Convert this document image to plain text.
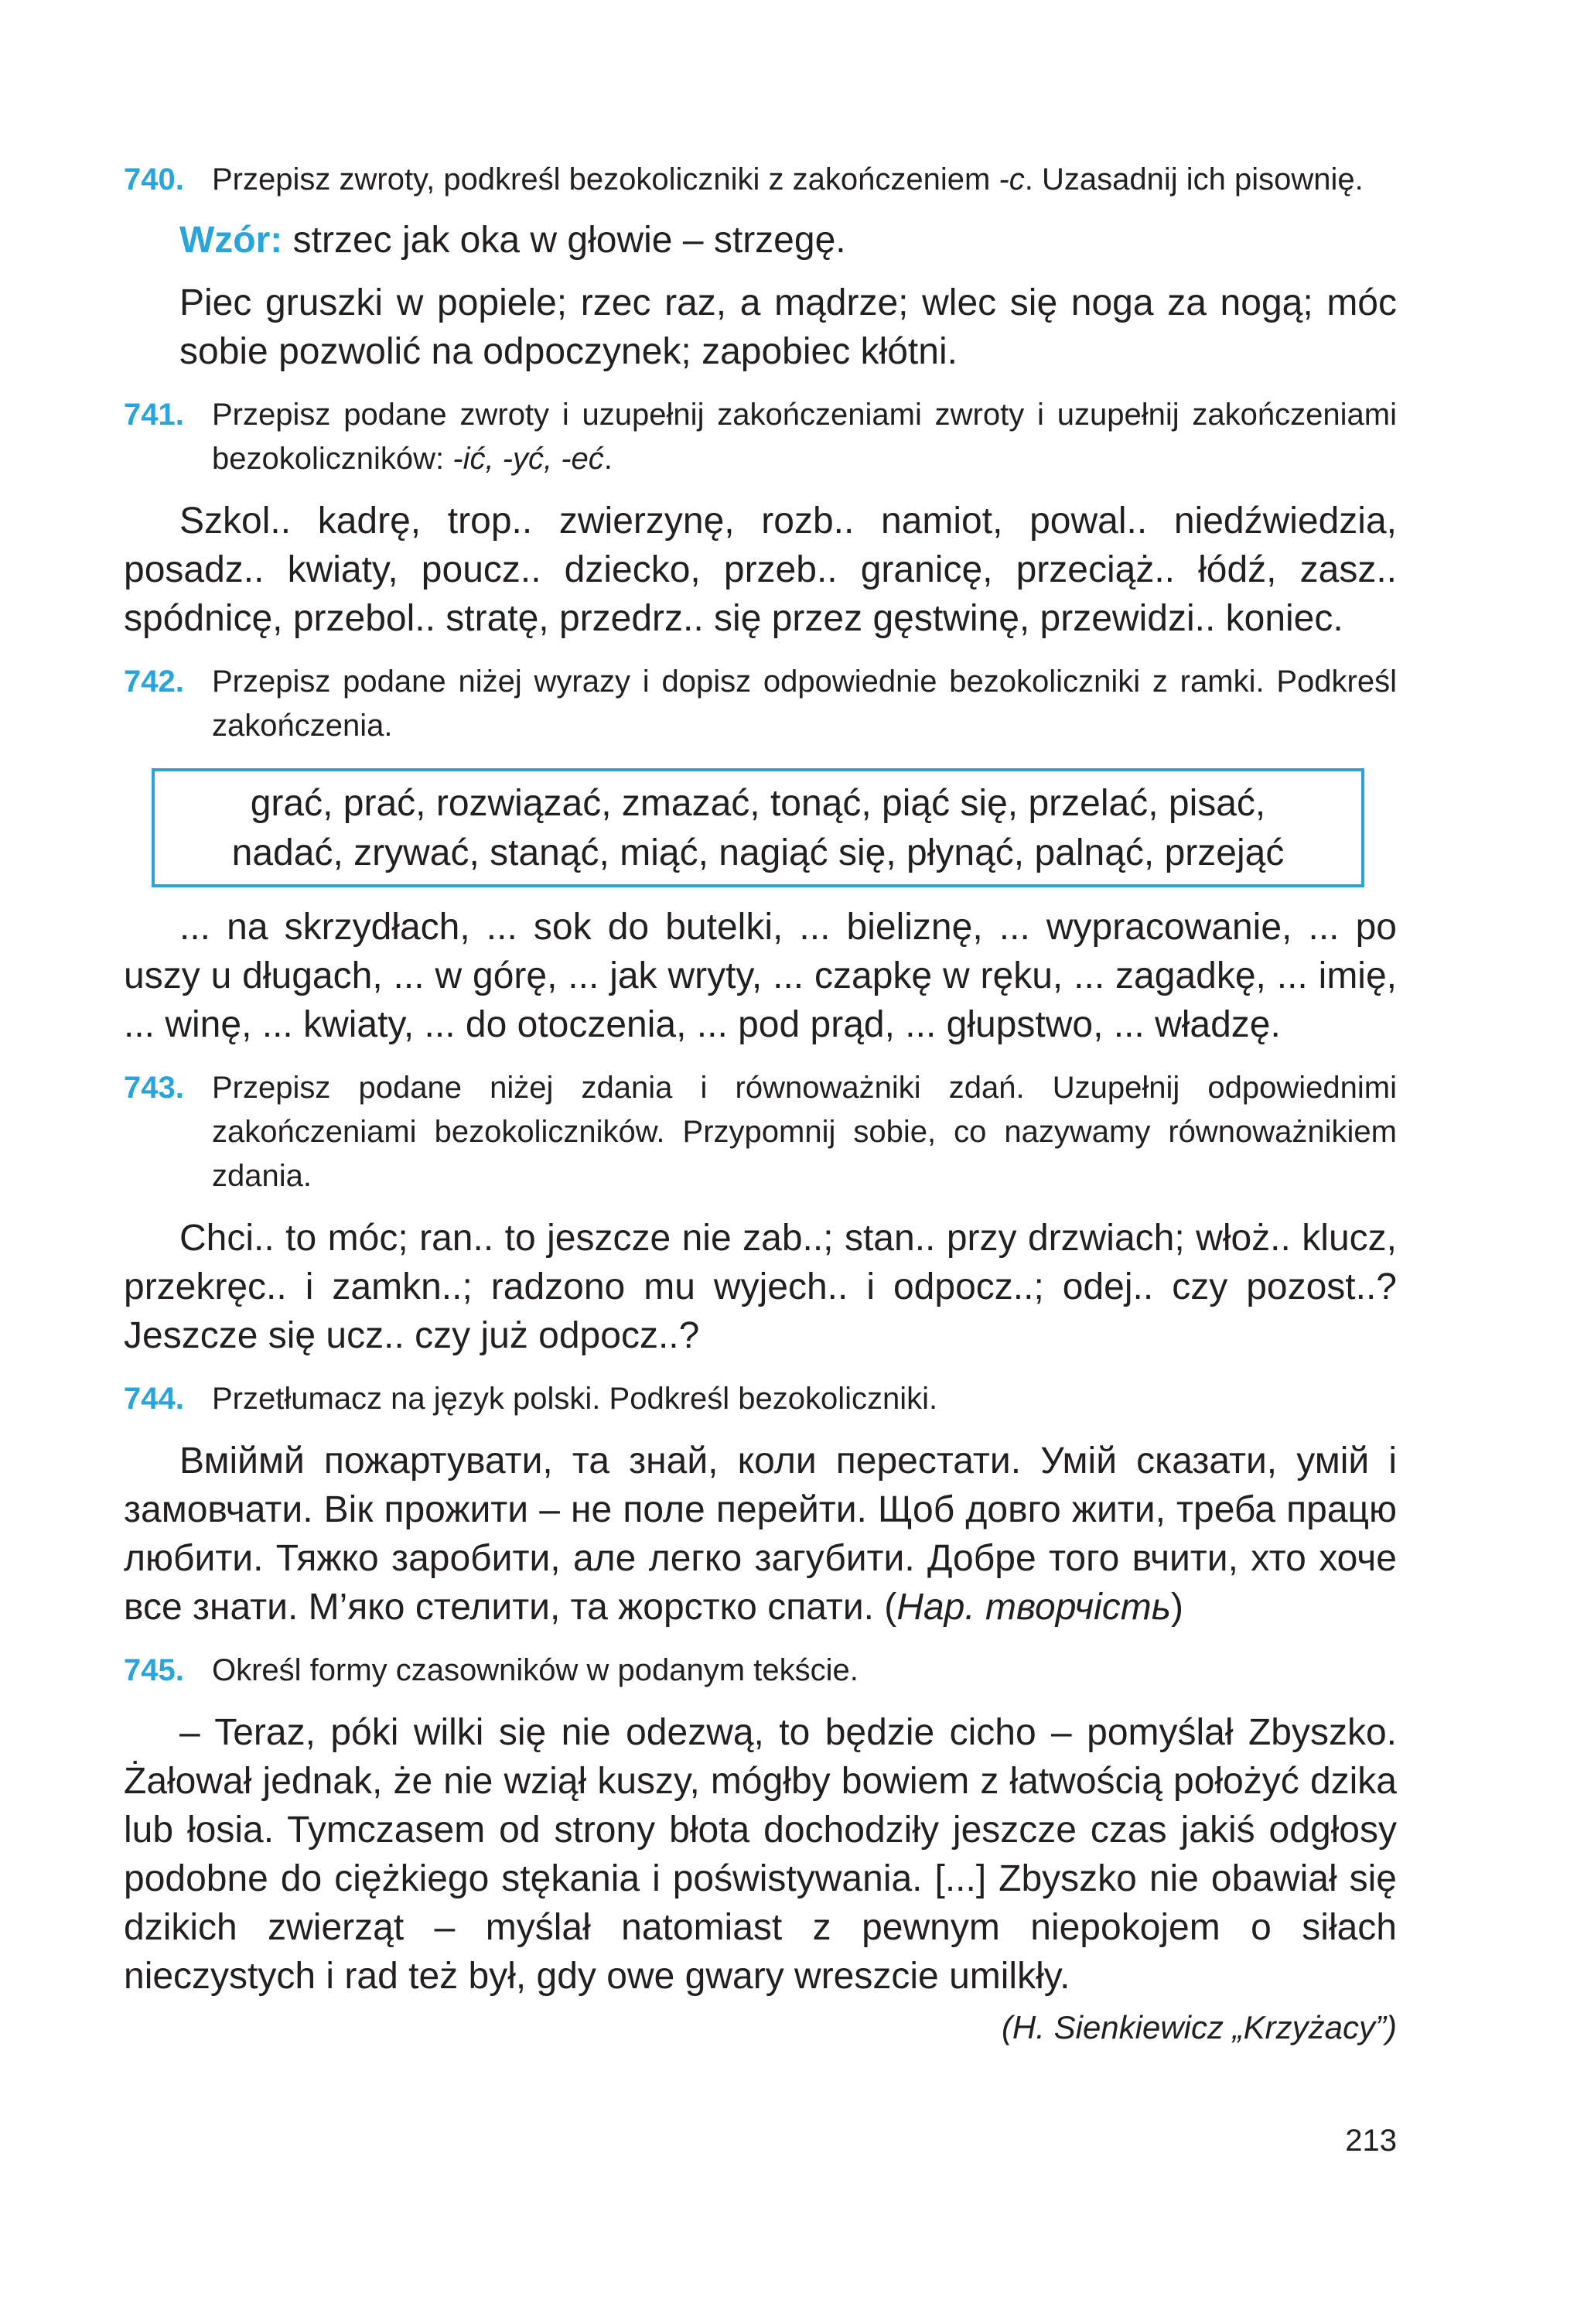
740. Przepisz zwroty, podkreśl bezokoliczniki z zakończeniem -c. Uzasadnij ich pisownię.
Wzór: strzec jak oka w głowie – strzegę.
Piec gruszki w popiele; rzec raz, a mądrze; wlec się noga za nogą; móc sobie pozwolić na odpoczynek; zapobiec kłótni.
741. Przepisz podane zwroty i uzupełnij zakończeniami zwroty i uzupełnij zakończeniami bezokoliczników: -ić, -yć, -eć.
Szkol.. kadrę, trop.. zwierzynę, rozb.. namiot, powal.. niedźwiedzia, posadz.. kwiaty, poucz.. dziecko, przeb.. granicę, przeciąż.. łódź, zasz.. spódnicę, przebol.. stratę, przedrz.. się przez gęstwinę, przewidzi.. koniec.
742. Przepisz podane niżej wyrazy i dopisz odpowiednie bezokoliczniki z ramki. Podkreśl zakończenia.
grać, prać, rozwiązać, zmazać, tonąć, piąć się, przelać, pisać,
nadać, zrywać, stanąć, miąć, nagiąć się, płynąć, palnąć, przejąć
... na skrzydłach, ... sok do butelki, ... bieliznę, ... wypracowanie, ... po uszy u długach, ... w górę, ... jak wryty, ... czapkę w ręku, ... zagadkę, ... imię, ... winę, ... kwiaty, ... do otoczenia, ... pod prąd, ... głupstwo, ... władzę.
743. Przepisz podane niżej zdania i równoważniki zdań. Uzupełnij odpowiednimi zakończeniami bezokoliczników. Przypomnij sobie, co nazywamy równoważnikiem zdania.
Chci.. to móc; ran.. to jeszcze nie zab..; stan.. przy drzwiach; włoż.. klucz, przekręc.. i zamkn..; radzono mu wyjech.. i odpocz..; odej.. czy pozost..? Jeszcze się ucz.. czy już odpocz..?
744. Przetłumacz na język polski. Podkreśl bezokoliczniki.
Вміймй пожартувати, та знай, коли перестати. Умій сказати, умій і замовчати. Вік прожити – не поле перейти. Щоб довго жити, треба працю любити. Тяжко заробити, але легко загубити. Добре того вчити, хто хоче все знати. М’яко стелити, та жорстко спати. (Нар. творчість)
745. Określ formy czasowników w podanym tekście.
– Teraz, póki wilki się nie odezwą, to będzie cicho – pomyślał Zbyszko. Żałował jednak, że nie wziął kuszy, mógłby bowiem z łatwością położyć dzika lub łosia. Tymczasem od strony błota dochodziły jeszcze czas jakiś odgłosy podobne do ciężkiego stękania i poświstywania. [...] Zbyszko nie obawiał się dzikich zwierząt – myślał natomiast z pewnym niepokojem o siłach nieczystych i rad też był, gdy owe gwary wreszcie umilkły.
(H. Sienkiewicz „Krzyżacy”)
213
